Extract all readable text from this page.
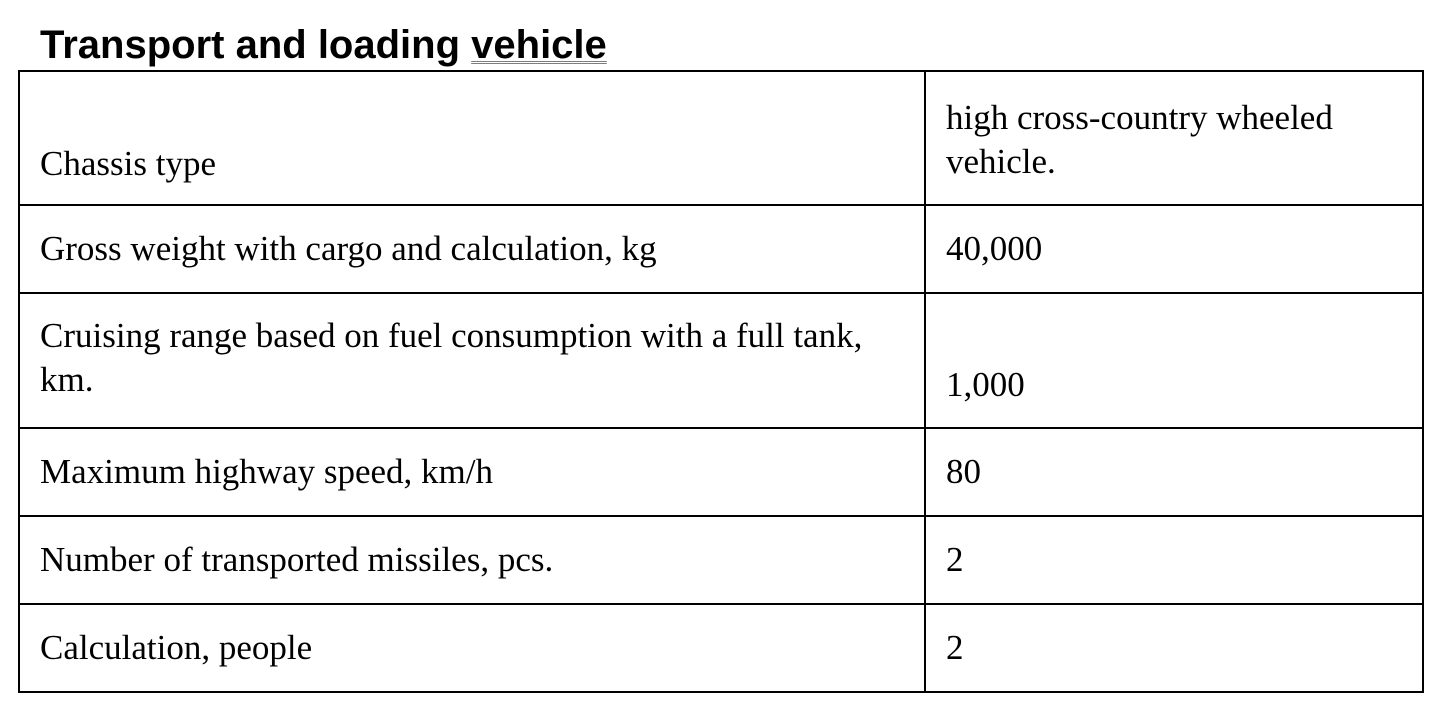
Transport and loading vehicle
Chassis type	high cross-country wheeled vehicle.
Gross weight with cargo and calculation, kg	40,000
Cruising range based on fuel consumption with a full tank, km.	1,000
Maximum highway speed, km/h	80
Number of transported missiles, pcs.	2
Calculation, people	2
